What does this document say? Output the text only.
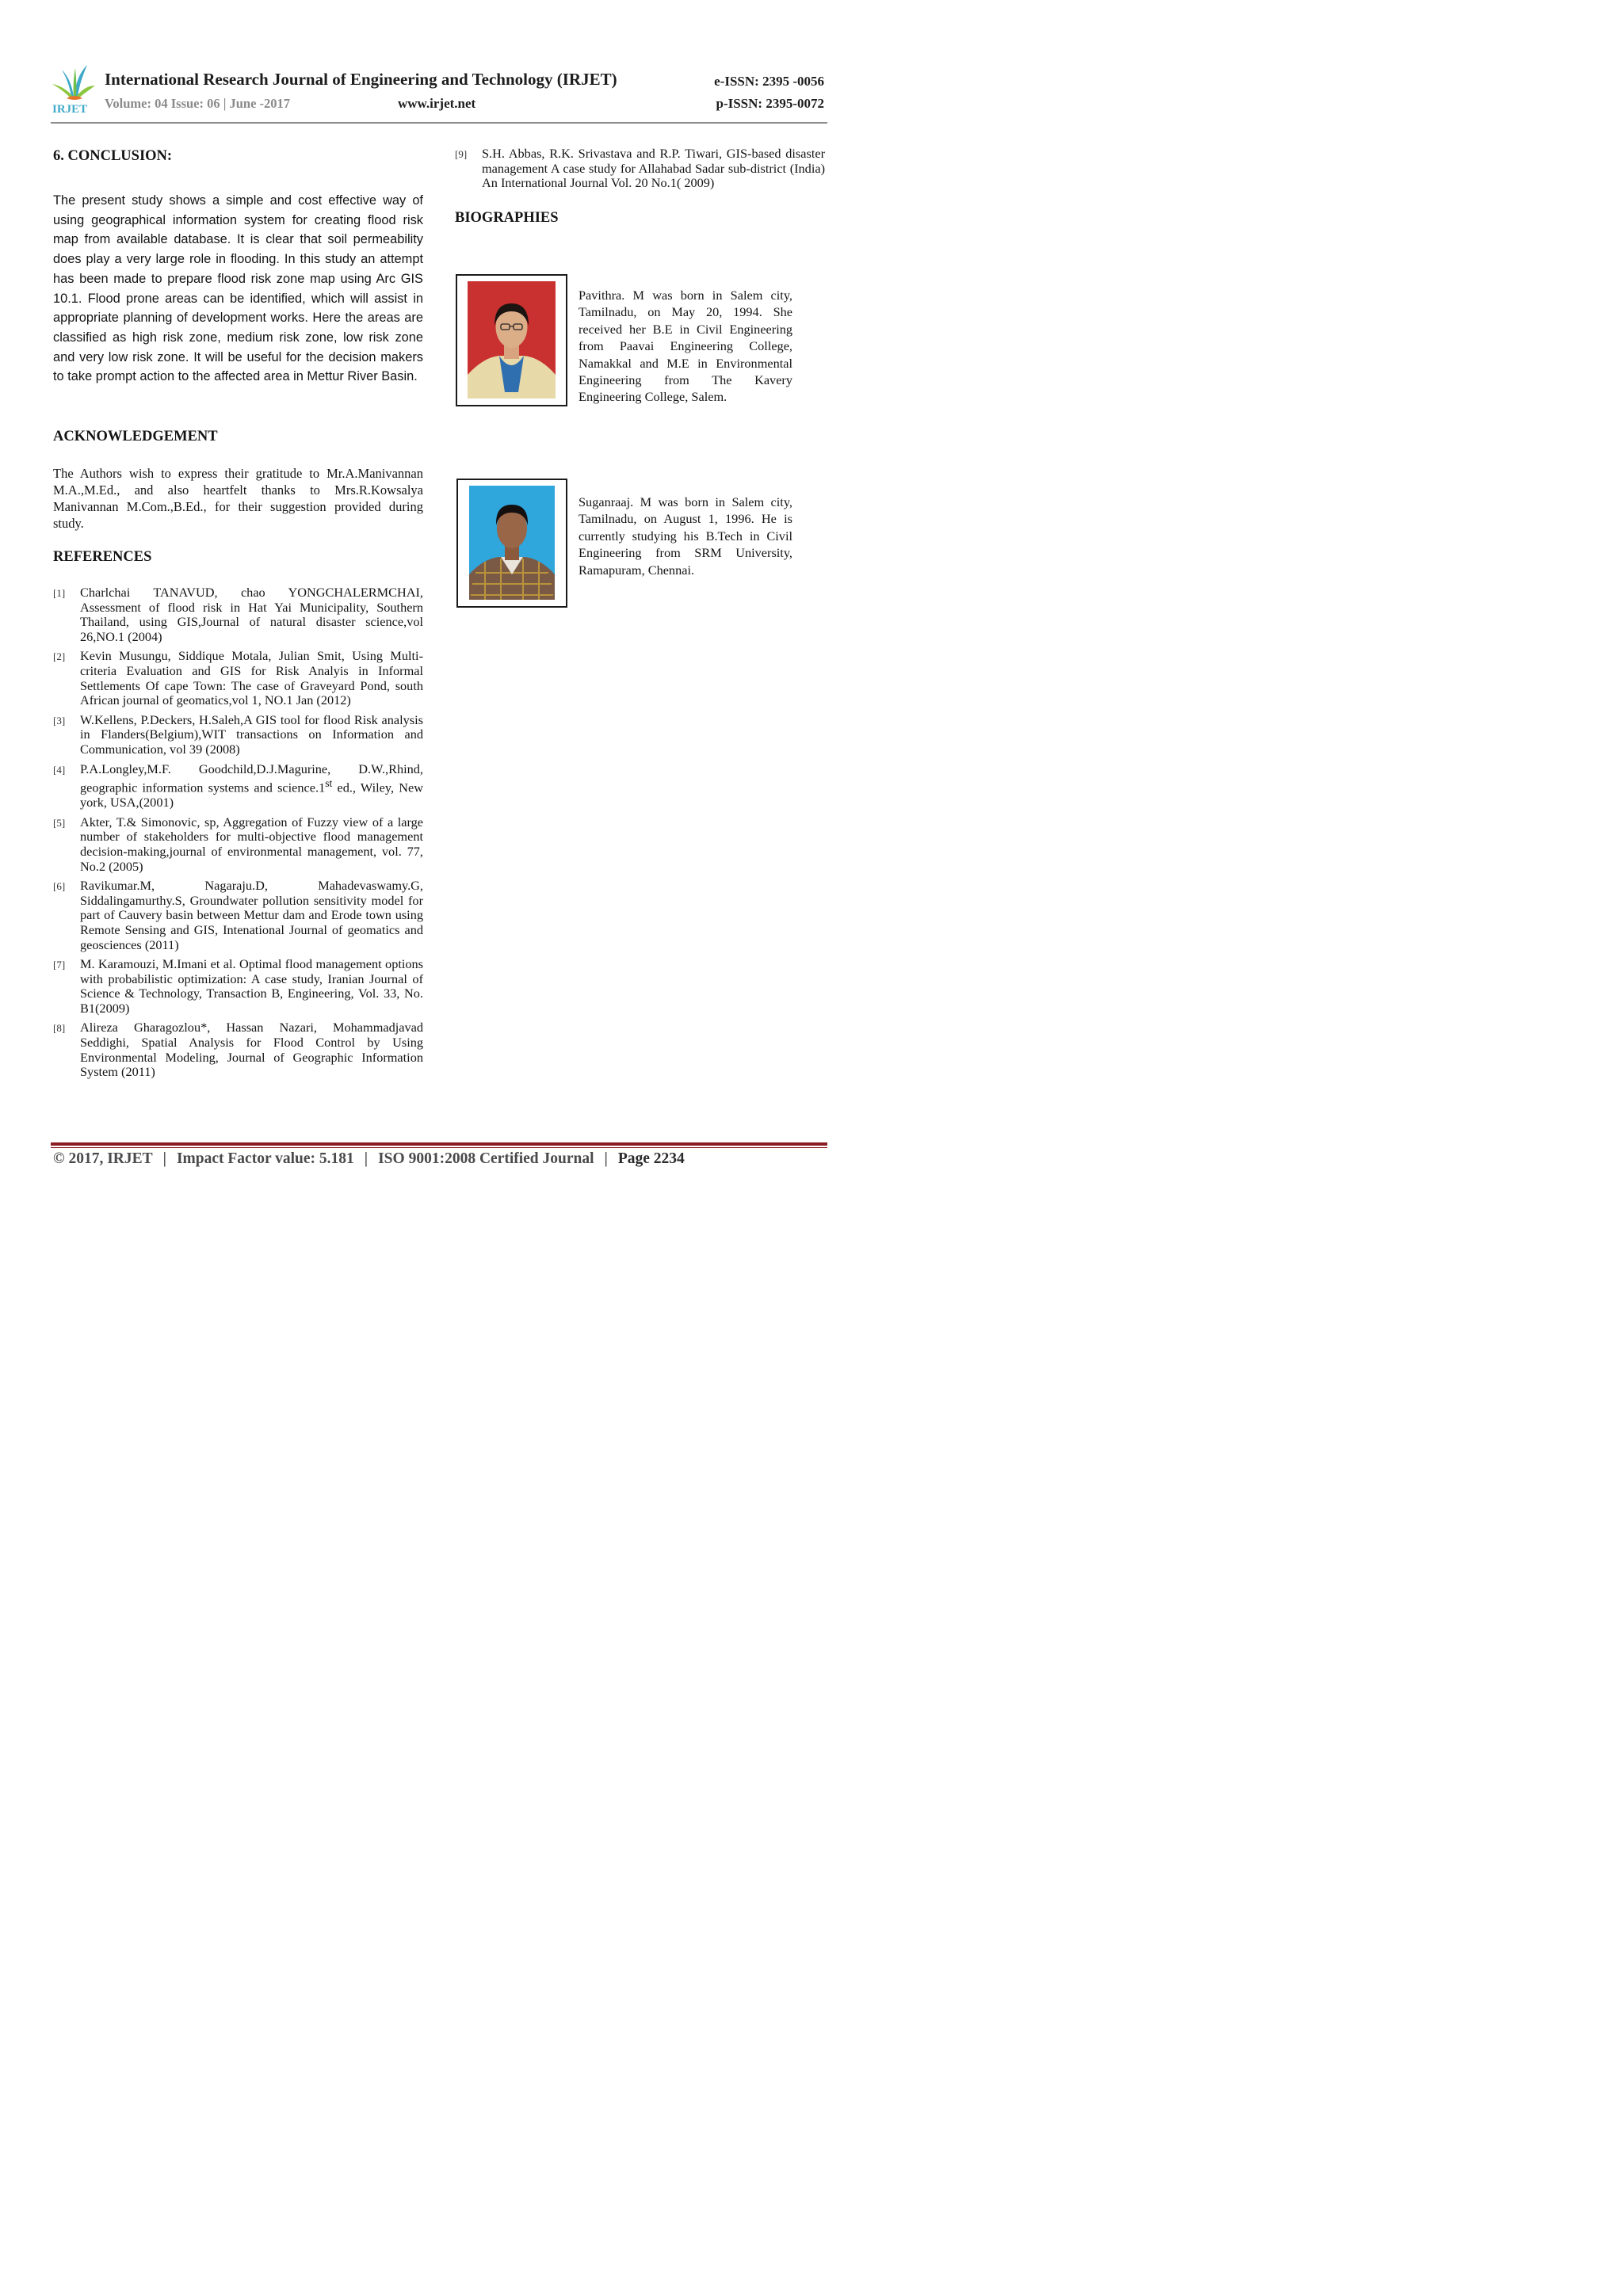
IRJET
International Research Journal of Engineering and Technology (IRJET)
Volume: 04 Issue: 06 | June -2017	www.irjet.net
e-ISSN: 2395 -0056
p-ISSN: 2395-0072
6. CONCLUSION:

The present study shows a simple and cost effective way of using geographical information system for creating flood risk map from available database. It is clear that soil permeability does play a very large role in flooding. In this study an attempt has been made to prepare flood risk zone map using Arc GIS 10.1. Flood prone areas can be identified, which will assist in appropriate planning of development works. Here the areas are classified as high risk zone, medium risk zone, low risk zone and very low risk zone. It will be useful for the decision makers to take prompt action to the affected area in Mettur River Basin.

ACKNOWLEDGEMENT

The Authors wish to express their gratitude to Mr.A.Manivannan M.A.,M.Ed., and also heartfelt thanks to Mrs.R.Kowsalya Manivannan M.Com.,B.Ed., for their suggestion provided during study.

REFERENCES

[1] Charlchai TANAVUD, chao YONGCHALERMCHAI, Assessment of flood risk in Hat Yai Municipality, Southern Thailand, using GIS,Journal of natural disaster science,vol 26,NO.1 (2004)

[2] Kevin Musungu, Siddique Motala, Julian Smit, Using Multi-criteria Evaluation and GIS for Risk Analyis in Informal Settlements Of cape Town: The case of Graveyard Pond, south African journal of geomatics,vol 1, NO.1 Jan (2012)

[3] W.Kellens, P.Deckers, H.Saleh,A GIS tool for flood Risk analysis in Flanders(Belgium),WIT transactions on Information and Communication, vol 39 (2008)

[4] P.A.Longley,M.F. Goodchild,D.J.Magurine, D.W.,Rhind, geographic information systems and science.1st ed., Wiley, New york, USA,(2001)

[5] Akter, T.& Simonovic, sp, Aggregation of Fuzzy view of a large number of stakeholders for multi-objective flood management decision-making,journal of environmental management, vol. 77, No.2 (2005)

[6] Ravikumar.M, Nagaraju.D, Mahadevaswamy.G, Siddalingamurthy.S, Groundwater pollution sensitivity model for part of Cauvery basin between Mettur dam and Erode town using Remote Sensing and GIS, Intenational Journal of geomatics and geosciences (2011)

[7] M. Karamouzi, M.Imani et al. Optimal flood management options with probabilistic optimization: A case study, Iranian Journal of Science & Technology, Transaction B, Engineering, Vol. 33, No. B1(2009)

[8] Alireza Gharagozlou*, Hassan Nazari, Mohammadjavad Seddighi, Spatial Analysis for Flood Control by Using Environmental Modeling, Journal of Geographic Information System (2011)

[9] S.H. Abbas, R.K. Srivastava and R.P. Tiwari, GIS-based disaster management A case study for Allahabad Sadar sub-district (India) An International Journal Vol. 20 No.1( 2009)

BIOGRAPHIES

Pavithra. M was born in Salem city, Tamilnadu, on May 20, 1994. She received her B.E in Civil Engineering from Paavai Engineering College, Namakkal and M.E in Environmental Engineering from The Kavery Engineering College, Salem.

Suganraaj. M was born in Salem city, Tamilnadu, on August 1, 1996. He is currently studying his B.Tech in Civil Engineering from SRM University, Ramapuram, Chennai.

© 2017, IRJET | Impact Factor value: 5.181 | ISO 9001:2008 Certified Journal | Page 2234
